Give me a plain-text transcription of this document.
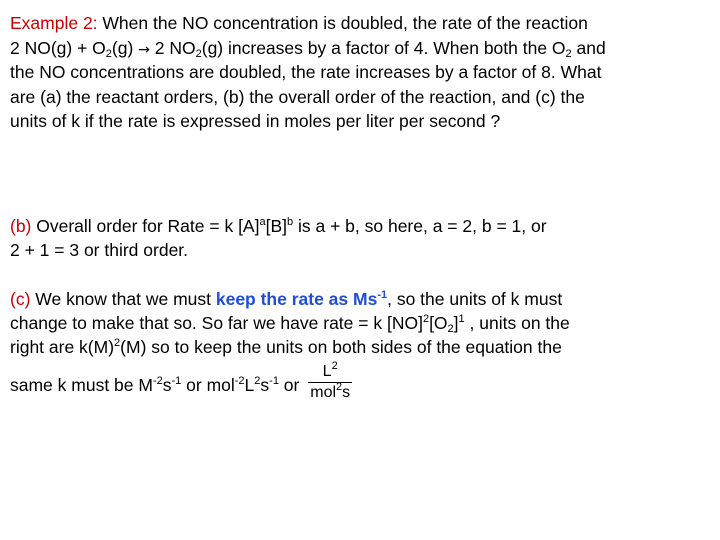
Example 2: When the NO concentration is doubled, the rate of the reaction
2 $NO(g) + O_2(g) \to 2$ $NO_2(g)$ increases by a factor of 4. When both the $O_2$ and
the NO concentrations are doubled, the rate increases by a factor of 8. What
are (a) the reactant orders, (b) the overall order of the reaction, and (c) the
units of k if the rate is expressed in moles per liter per second ?
(b) Overall order for Rate = k $[A]^a[B]^b$ is a + b, so here, a = 2, b = 1, or
2 + 1 = 3 or third order.
(c) We know that we must keep the rate as $Ms^{-1}$, so the units of k must
change to make that so. So far we have rate = k $[NO]^2[O_2]^1$ , units on the
right are $k(M)^2(M)$ so to keep the units on both sides of the equation the
same k must be $M^{-2}s^{-1}$ or $mol^{-2}L^2s^{-1}$ or $\frac{L^2}{mol^2s}$
